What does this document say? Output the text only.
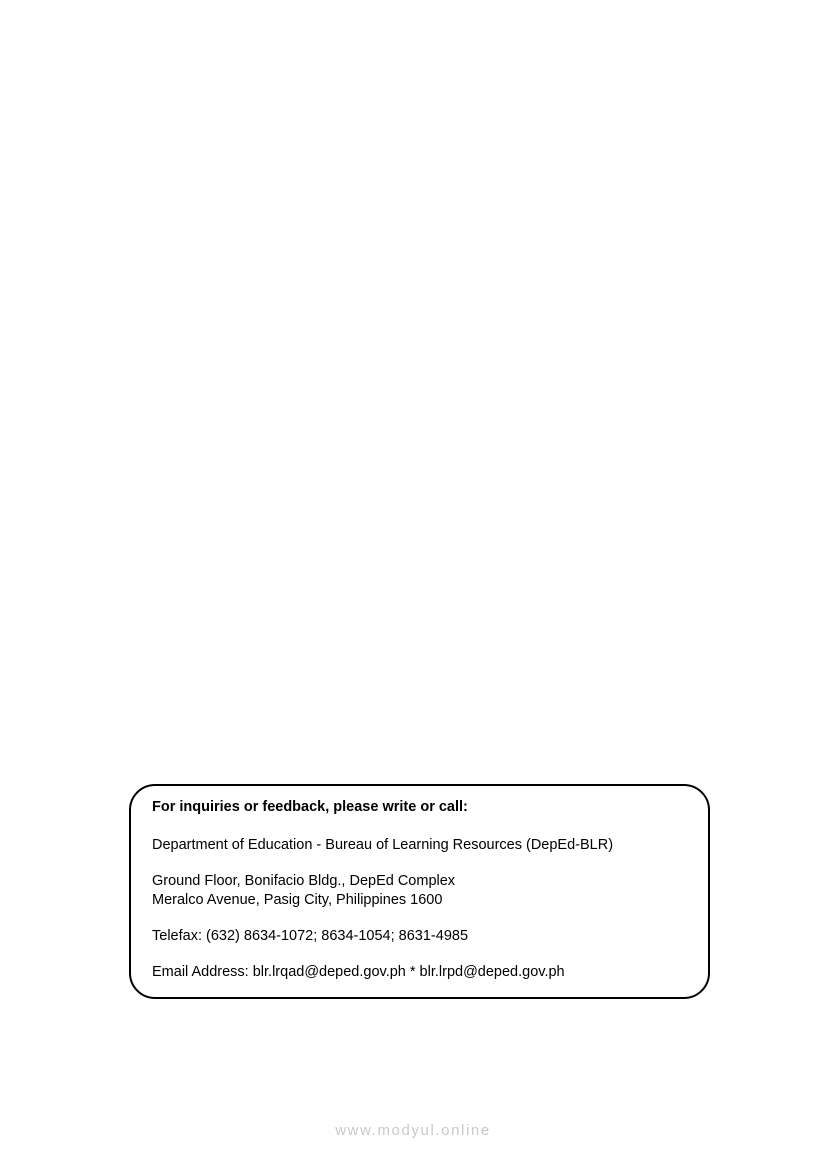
For inquiries or feedback, please write or call:

Department of Education - Bureau of Learning Resources (DepEd-BLR)

Ground Floor, Bonifacio Bldg., DepEd Complex
Meralco Avenue, Pasig City, Philippines 1600

Telefax: (632) 8634-1072; 8634-1054; 8631-4985

Email Address: blr.lrqad@deped.gov.ph * blr.lrpd@deped.gov.ph

www.modyul.online
